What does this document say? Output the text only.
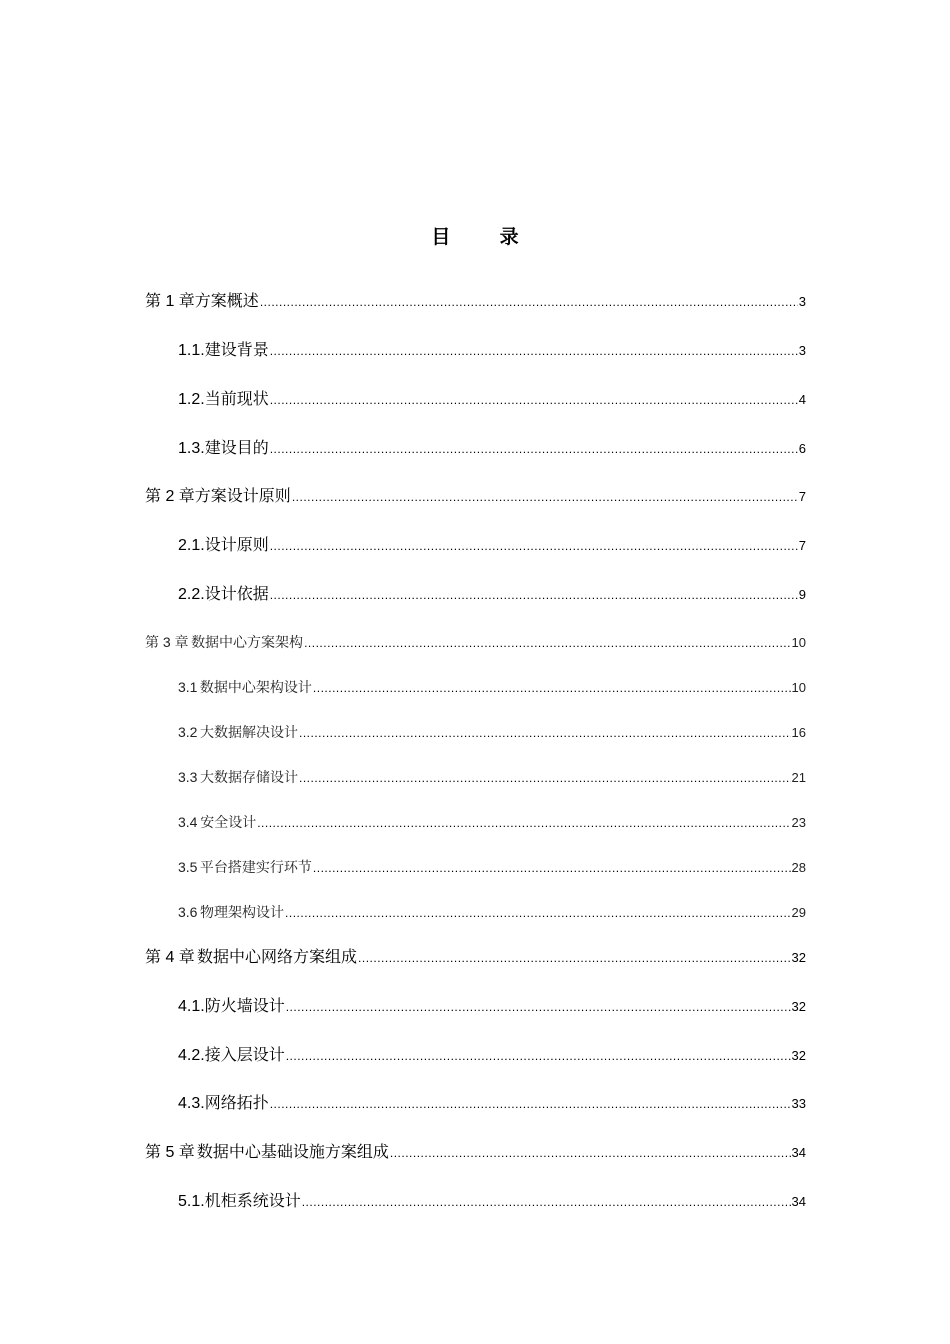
目 录
第 1 章 方案概述 .....	3
1.1. 建设背景 .....	3
1.2. 当前现状 .....	4
1.3. 建设目的 .....	6
第 2 章 方案设计原则 .....	7
2.1. 设计原则 .....	7
2.2. 设计依据 .....	9
第 3 章 数据中心方案架构 .....	10
3.1 数据中心架构设计 .....	10
3.2 大数据解决设计 .....	16
3.3 大数据存储设计 .....	21
3.4 安全设计 .....	23
3.5 平台搭建实行环节 .....	28
3.6 物理架构设计 .....	29
第 4 章 数据中心网络方案组成 .....	32
4.1. 防火墙设计 .....	32
4.2. 接入层设计 .....	32
4.3. 网络拓扑 .....	33
第 5 章 数据中心基础设施方案组成 .....	34
5.1. 机柜系统设计 .....	34
